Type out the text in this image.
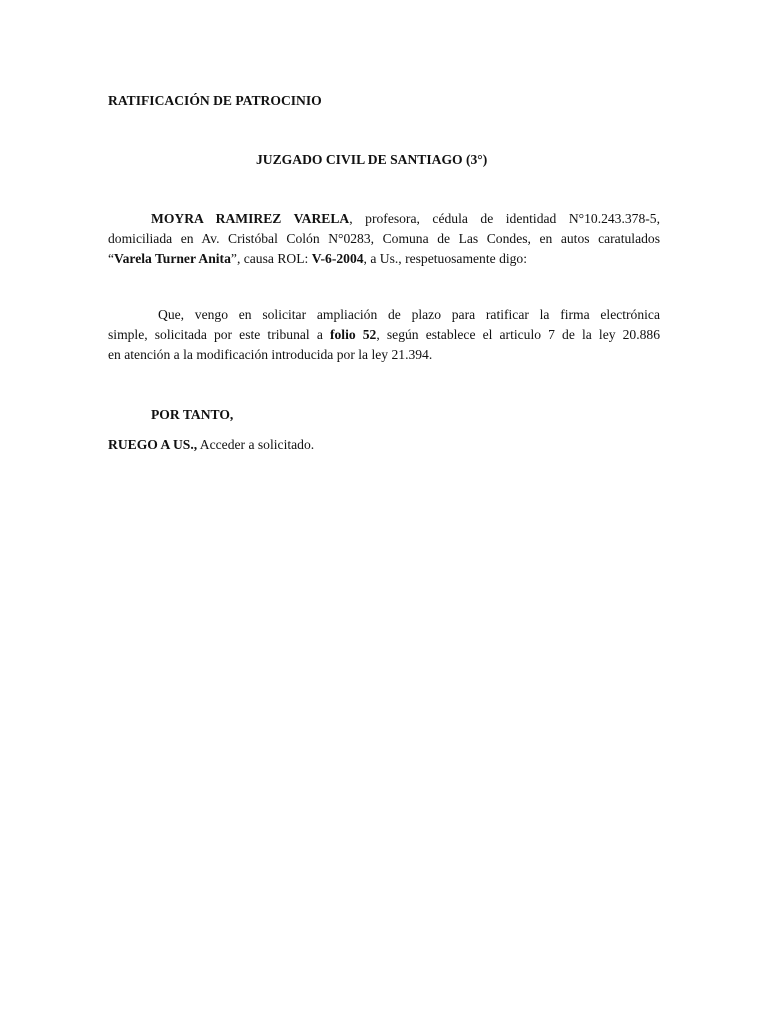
RATIFICACIÓN DE PATROCINIO
JUZGADO CIVIL DE SANTIAGO (3°)
MOYRA RAMIREZ VARELA, profesora, cédula de identidad N°10.243.378-5,
domiciliada en Av. Cristóbal Colón N°0283, Comuna de Las Condes, en autos caratulados
“Varela Turner Anita”, causa ROL: V-6-2004, a Us., respetuosamente digo:
Que, vengo en solicitar ampliación de plazo para ratificar la firma electrónica
simple, solicitada por este tribunal a folio 52, según establece el articulo 7 de la ley 20.886
en atención a la modificación introducida por la ley 21.394.
POR TANTO,
RUEGO A US., Acceder a solicitado.
